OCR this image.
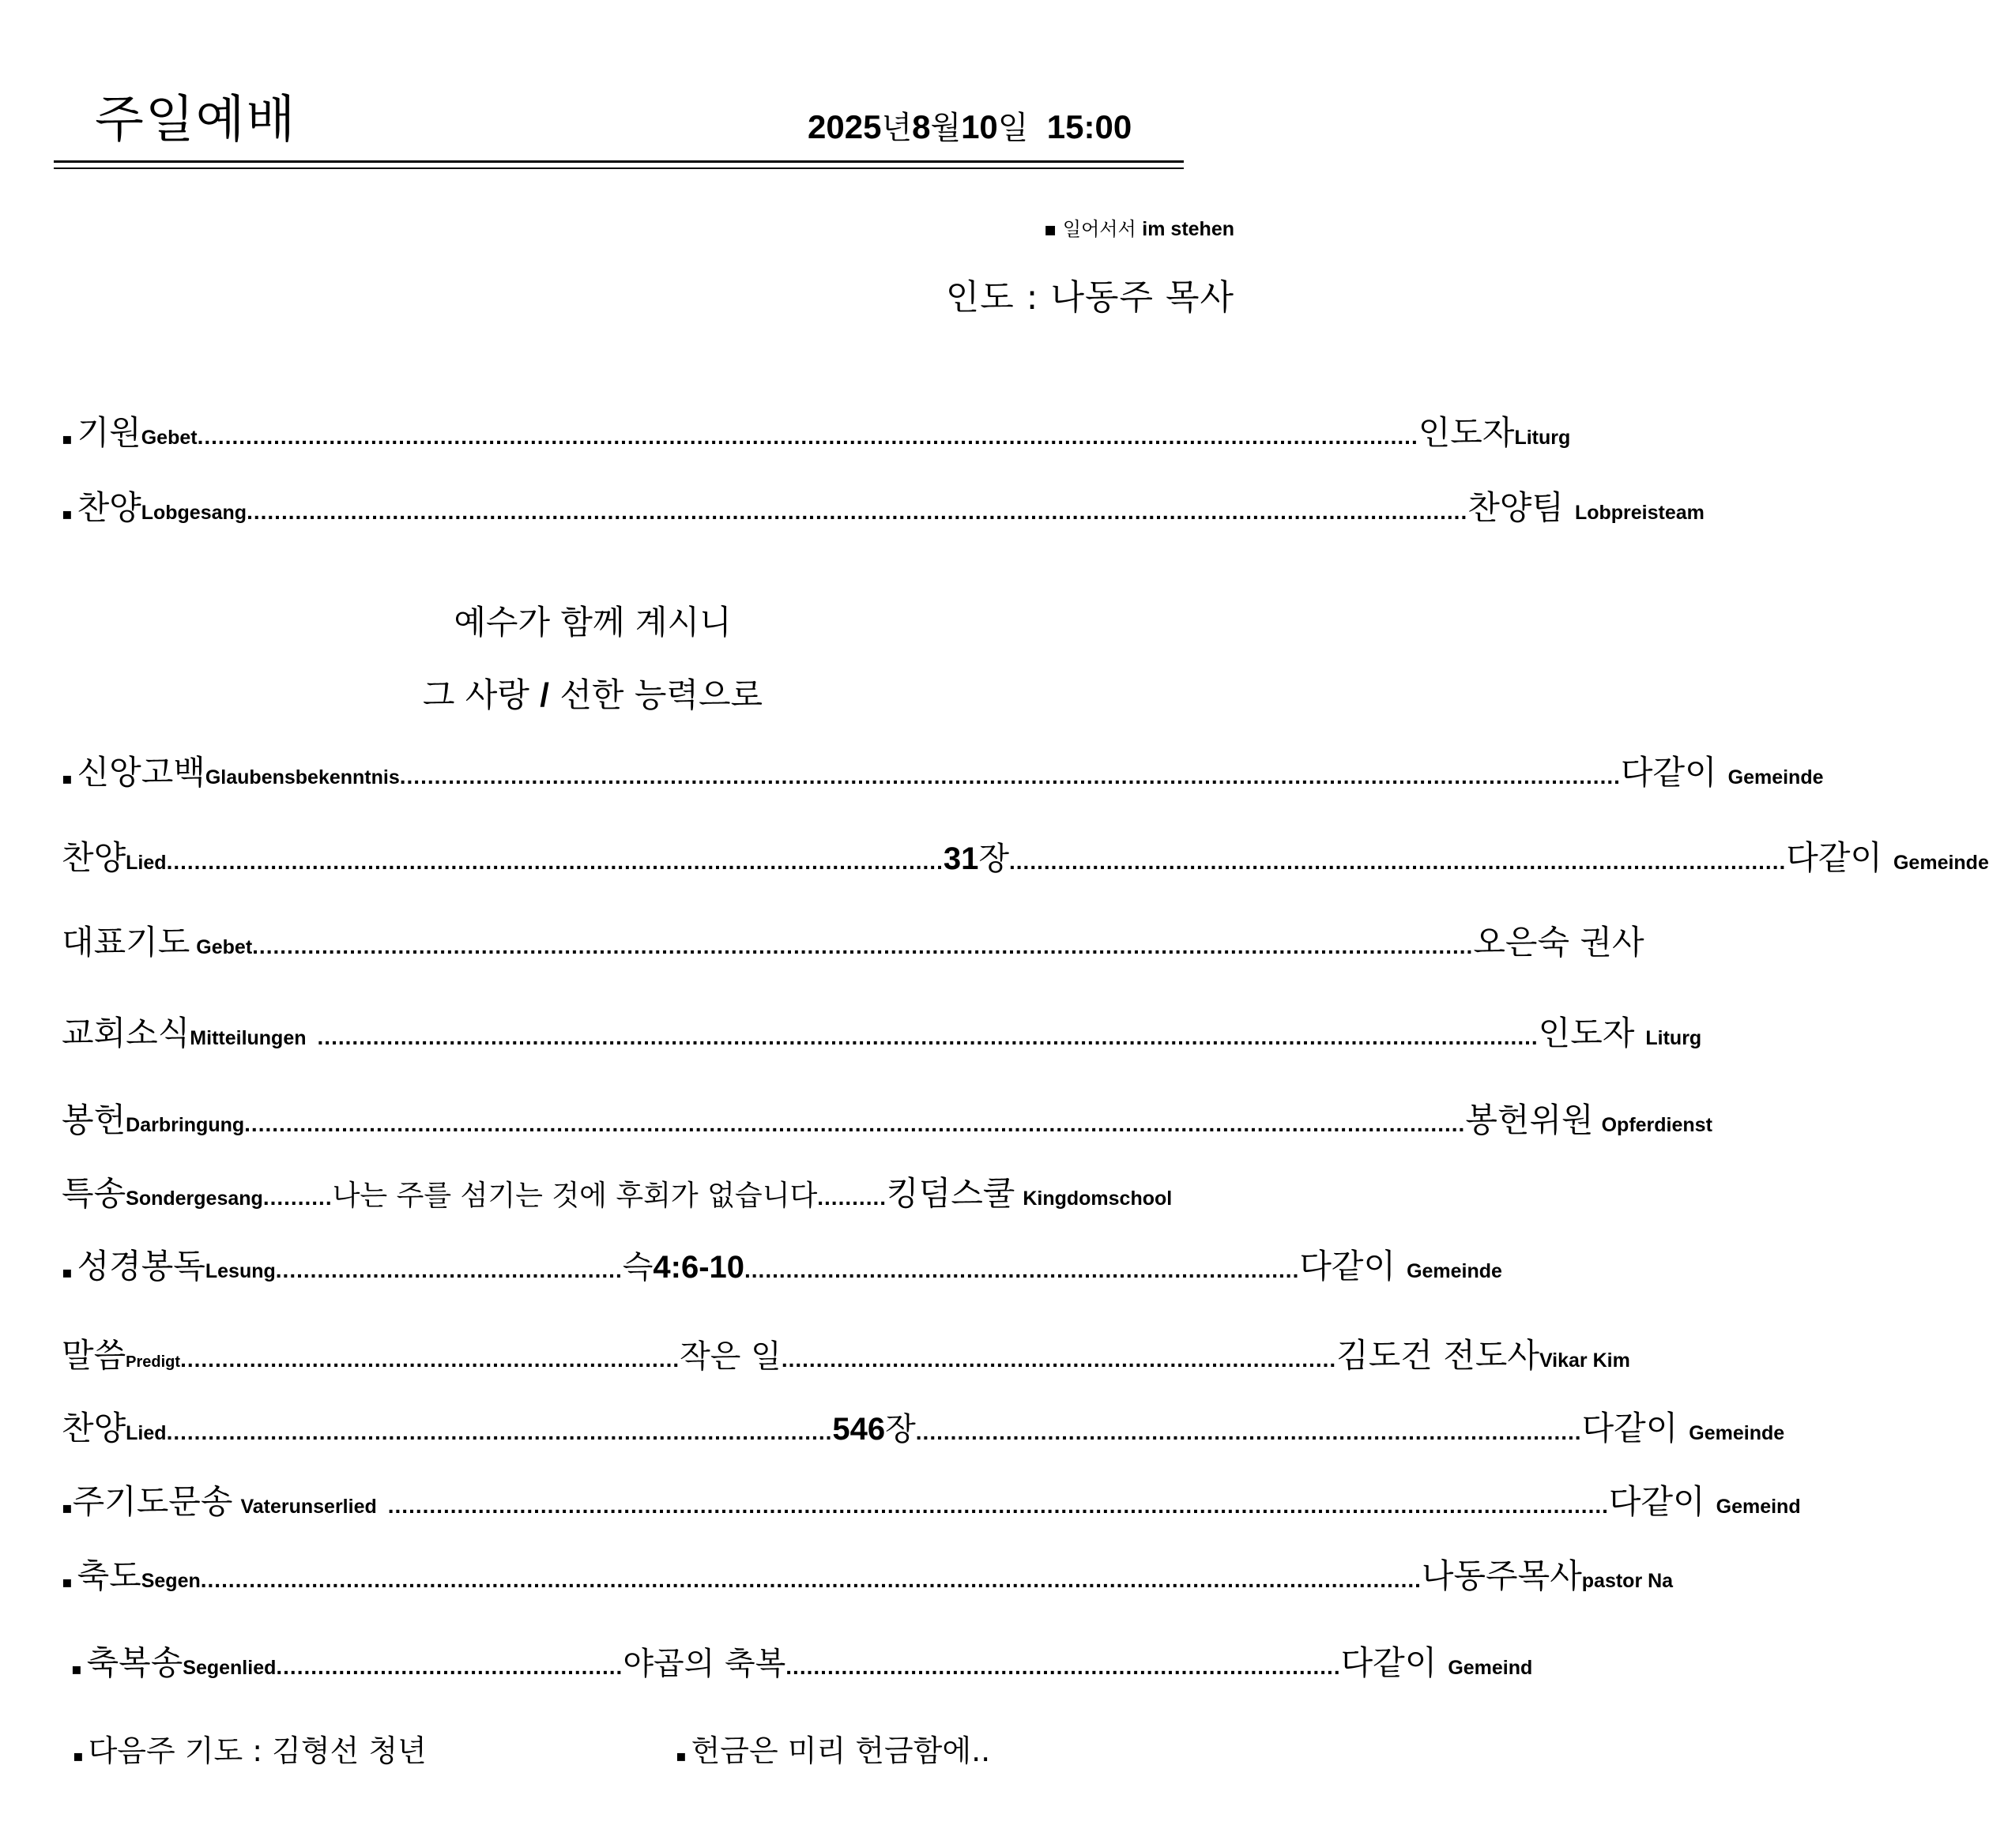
주일예배	2025년8월10일 15:00
▪ 일어서서 im stehen
인도 : 나동주 목사
▪ 기원 Gebet ................................................................................................................................................................................ 인도자 Liturg
▪ 찬양 Lobgesang ................................................................................................................................................................................ 찬양팀 Lobpreisteam
예수가 함께 계시니
그 사랑 / 선한 능력으로
▪ 신앙고백 Glaubensbekenntnis ................................................................................................................................................................................ 다같이 Gemeinde
찬양 Lied ................................................................................................................ 31 장 ................................................................................................................ 다같이 Gemeinde
대표기도 Gebet ................................................................................................................................................................................ 오은숙 권사
교회소식 Mitteilungen ................................................................................................................................................................................ 인도자 Liturg
봉헌 Darbringung ................................................................................................................................................................................ 봉헌위원 Opferdienst
특송 Sondergesang .......... 나는 주를 섬기는 것에 후회가 없습니다 .......... 킹덤스쿨 Kingdomschool
▪ 성경봉독 Lesung .................................................. 슥 4:6-10 ................................................................................ 다같이 Gemeinde
말씀 Predigt ........................................................................ 작은 일 ................................................................................ 김도건 전도사 Vikar Kim
찬양 Lied ................................................................................................ 546 장 ................................................................................................ 다같이 Gemeinde
▪ 주기도문송 Vaterunserlied ................................................................................................................................................................................ 다같이 Gemeind
▪ 축도 Segen ................................................................................................................................................................................ 나동주목사 pastor Na
▪ 축복송 Segenlied .................................................. 야곱의 축복 ................................................................................ 다같이 Gemeind
▪ 다음주 기도 : 김형선 청년	▪ 헌금은 미리 헌금함에..
